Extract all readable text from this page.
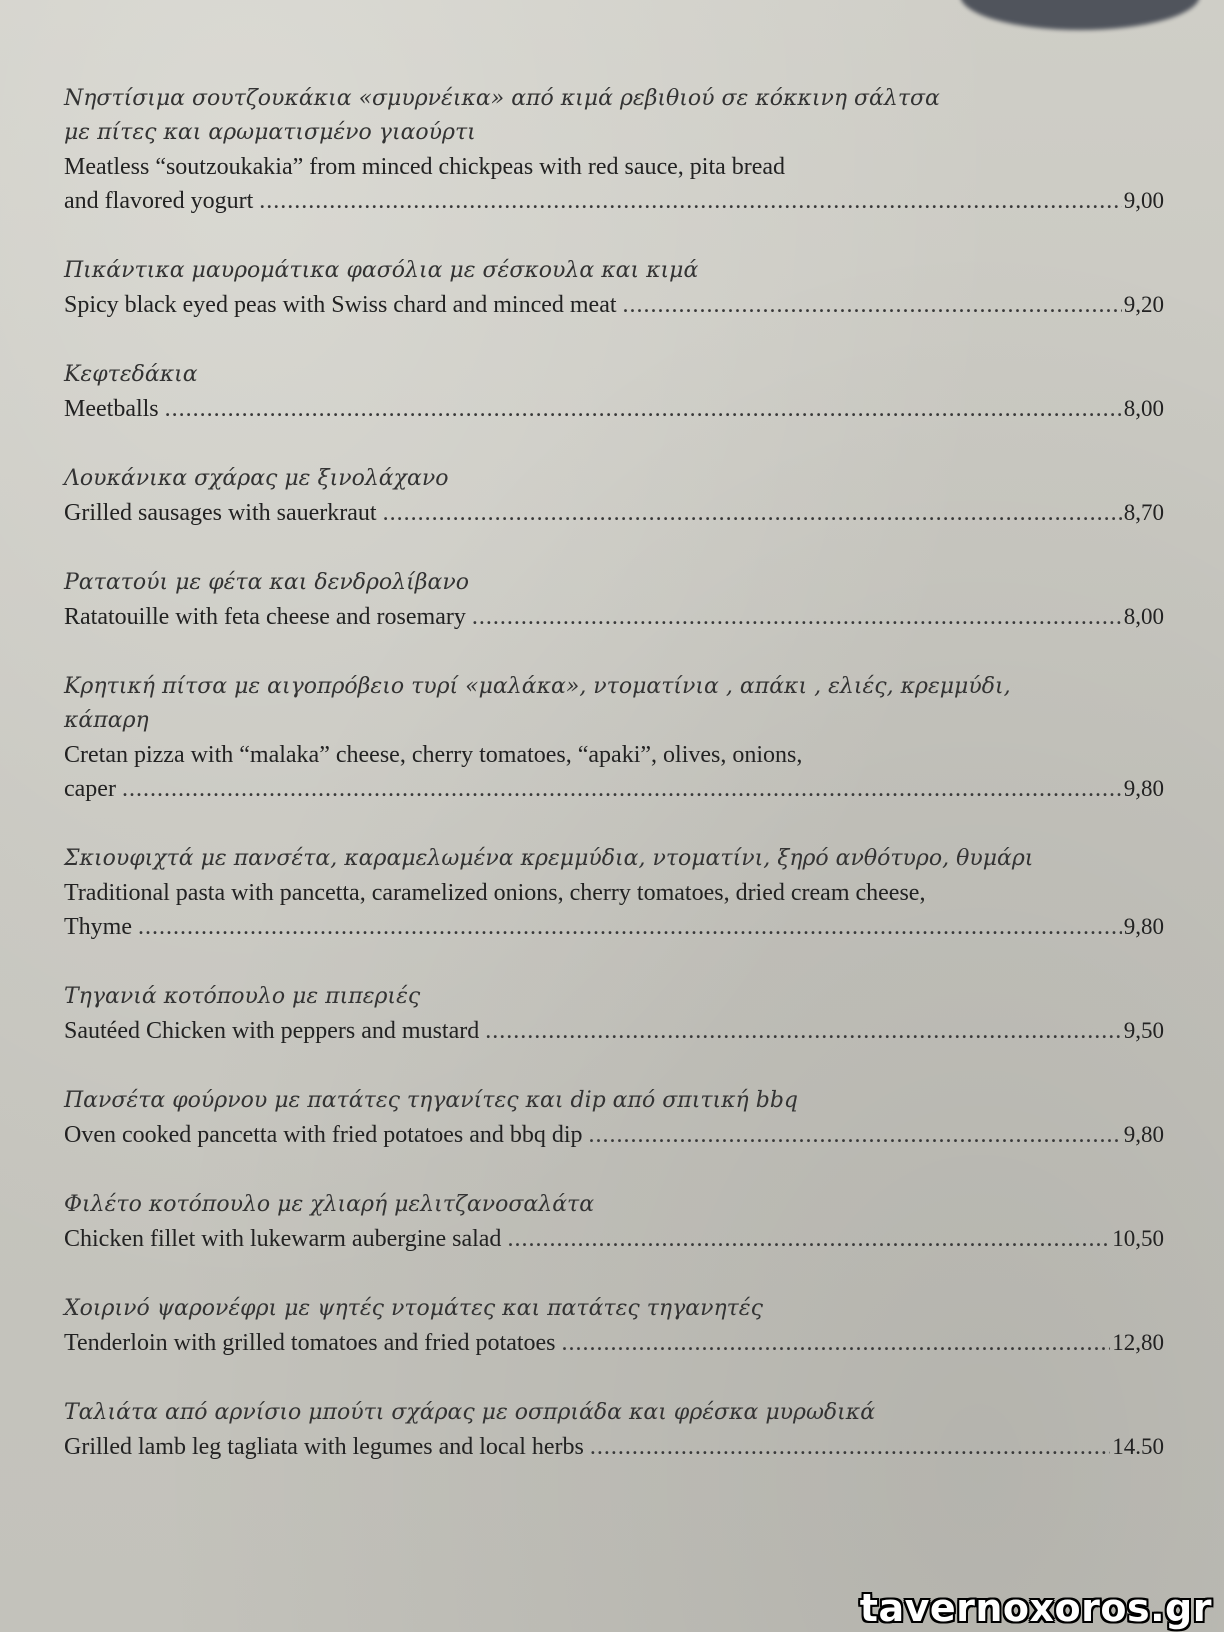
Νηστίσιμα σουτζουκάκια «σμυρνέικα» από κιμά ρεβιθιού σε κόκκινη σάλτσα
με πίτες και αρωματισμένο γιαούρτι
Meatless “soutzoukakia” from minced chickpeas with red sauce, pita bread
and flavored yogurt .....	9,00
Πικάντικα μαυρομάτικα φασόλια με σέσκουλα και κιμά
Spicy black eyed peas with Swiss chard and minced meat .....	9,20
Κεφτεδάκια
Meetballs .....	8,00
Λουκάνικα σχάρας με ξινολάχανο
Grilled sausages with sauerkraut .....	8,70
Ρατατούι με φέτα και δενδρολίβανο
Ratatouille with feta cheese and rosemary .....	8,00
Κρητική πίτσα με αιγοπρόβειο τυρί «μαλάκα», ντοματίνια , απάκι , ελιές, κρεμμύδι,
κάπαρη
Cretan pizza with “malaka” cheese, cherry tomatoes, “apaki”, olives, onions,
caper .....	9,80
Σκιουφιχτά με πανσέτα, καραμελωμένα κρεμμύδια, ντοματίνι, ξηρό ανθότυρο, θυμάρι
Traditional pasta with pancetta, caramelized onions, cherry tomatoes, dried cream cheese,
Thyme .....	9,80
Τηγανιά κοτόπουλο με πιπεριές
Sautéed Chicken with peppers and mustard .....	9,50
Πανσέτα φούρνου με πατάτες τηγανίτες και dip από σπιτική bbq
Oven cooked pancetta with fried potatoes and bbq dip .....	9,80
Φιλέτο κοτόπουλο με χλιαρή μελιτζανοσαλάτα
Chicken fillet with lukewarm aubergine salad .....	10,50
Χοιρινό ψαρονέφρι με ψητές ντομάτες και πατάτες τηγανητές
Tenderloin with grilled tomatoes and fried potatoes .....	12,80
Ταλιάτα από αρνίσιο μπούτι σχάρας με οσπριάδα και φρέσκα μυρωδικά
Grilled lamb leg tagliata with legumes and local herbs .....	14.50
tavernoxoros.gr
